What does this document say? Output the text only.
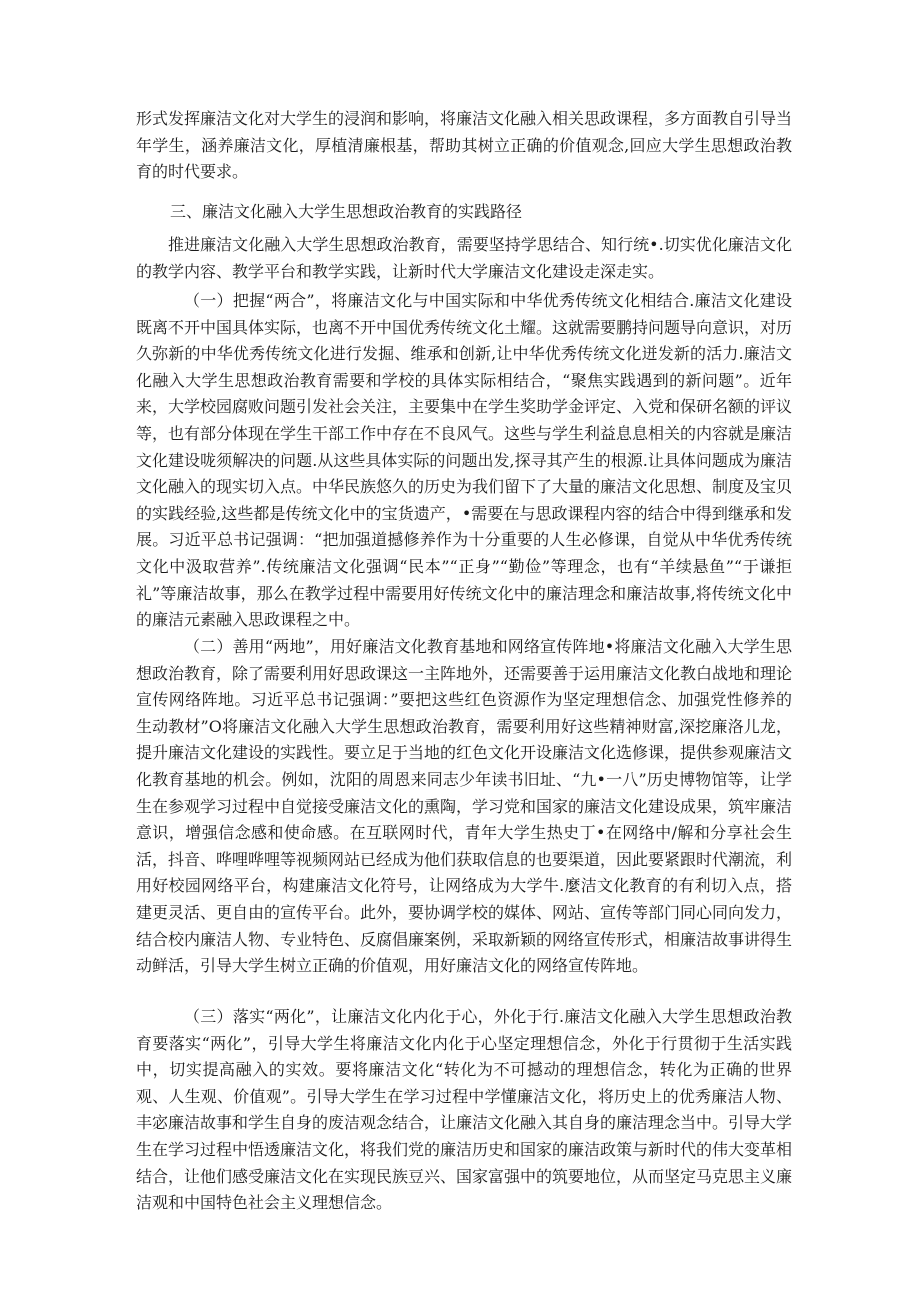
形式发挥廉洁文化对大学生的浸润和影响，将廉洁文化融入相关思政课程，多方面教自引导当年学生，涵养廉洁文化，厚植清廉根基，帮助其树立正确的价值观念,回应大学生思想政治教育的时代要求。

三、廉洁文化融入大学生思想政治教育的实践路径

推进廉洁文化融入大学生思想政治教育，需要坚持学思结合、知行统•.切实优化廉洁文化的教学内容、教学平台和教学实践，让新时代大学廉洁文化建设走深走实。

（一）把握“两合”，将廉洁文化与中国实际和中华优秀传统文化相结合.廉洁文化建设既离不开中国具体实际，也离不开中国优秀传统文化土耀。这就需要鹏持问题导向意识，对历久弥新的中华优秀传统文化进行发掘、维承和创新,让中华优秀传统文化迸发新的活力.廉洁文化融入大学生思想政治教育需要和学校的具体实际相结合，“聚焦实践遇到的新问题”。近年来，大学校园腐败问题引发社会关注，主要集中在学生奖助学金评定、入党和保研名额的评议等，也有部分体现在学生干部工作中存在不良风气。这些与学生利益息息相关的内容就是廉洁文化建设咙须解决的问题.从这些具体实际的问题出发,探寻其产生的根源.让具体问题成为廉洁文化融入的现实切入点。中华民族悠久的历史为我们留下了大量的廉洁文化思想、制度及宝贝的实践经验,这些都是传统文化中的宝货遗产，•需要在与思政课程内容的结合中得到继承和发展。习近平总书记强调：“把加强道撼修养作为十分重要的人生必修课，自觉从中华优秀传统文化中汲取营养”.传统廉洁文化强调“民本”“正身”“勤俭”等理念，也有“羊续悬鱼”“于谦拒礼”等廉洁故事，那么在教学过程中需要用好传统文化中的廉洁理念和廉洁故事,将传统文化中的廉洁元素融入思政课程之中。

（二）善用“两地”，用好廉洁文化教育基地和网络宣传阵地•将廉洁文化融入大学生思想政治教育，除了需要利用好思政课这一主阵地外，还需要善于运用廉洁文化教白战地和理论宣传网络阵地。习近平总书记强调：”要把这些红色资源作为坚定理想信念、加强党性修养的生动教材”O将廉洁文化融入大学生思想政治教育，需要利用好这些精神财富,深挖廉洛儿龙，提升廉洁文化建设的实践性。要立足于当地的红色文化开设廉洁文化选修课，提供参观廉洁文化教育基地的机会。例如，沈阳的周恩来同志少年读书旧址、“九•一八”历史博物馆等，让学生在参观学习过程中自觉接受廉洁文化的熏陶，学习党和国家的廉洁文化建设成果，筑牢廉洁意识，增强信念感和使命感。在互联网时代，青年大学生热史丁•在网络中/解和分享社会生活，抖音、哗哩哗哩等视频网站已经成为他们获取信息的也要渠道，因此要紧跟时代潮流，利用好校园网络平台，构建廉洁文化符号，让网络成为大学牛.麼洁文化教育的有利切入点，搭建更灵活、更自由的宣传平台。此外，要协调学校的媒体、网站、宣传等部门同心同向发力，结合校内廉洁人物、专业特色、反腐倡廉案例，采取新颖的网络宣传形式，相廉洁故事讲得生动鲜活，引导大学生树立正确的价值观，用好廉洁文化的网络宣传阵地。

（三）落实“两化”，让廉洁文化内化于心，外化于行.廉洁文化融入大学生思想政治教育要落实“两化”，引导大学生将廉洁文化内化于心坚定理想信念，外化于行贯彻于生活实践中，切实提高融入的实效。要将廉洁文化“转化为不可撼动的理想信念，转化为正确的世界观、人生观、价值观”。引导大学生在学习过程中学懂廉洁文化，将历史上的优秀廉洁人物、丰宓廉洁故事和学生自身的废洁观念结合，让廉洁文化融入其自身的廉洁理念当中。引导大学生在学习过程中悟透廉洁文化，将我们党的廉洁历史和国家的廉洁政策与新时代的伟大变革相结合，让他们感受廉洁文化在实现民族豆兴、国家富强中的筑要地位，从而坚定马克思主义廉洁观和中国特色社会主义理想信念。
